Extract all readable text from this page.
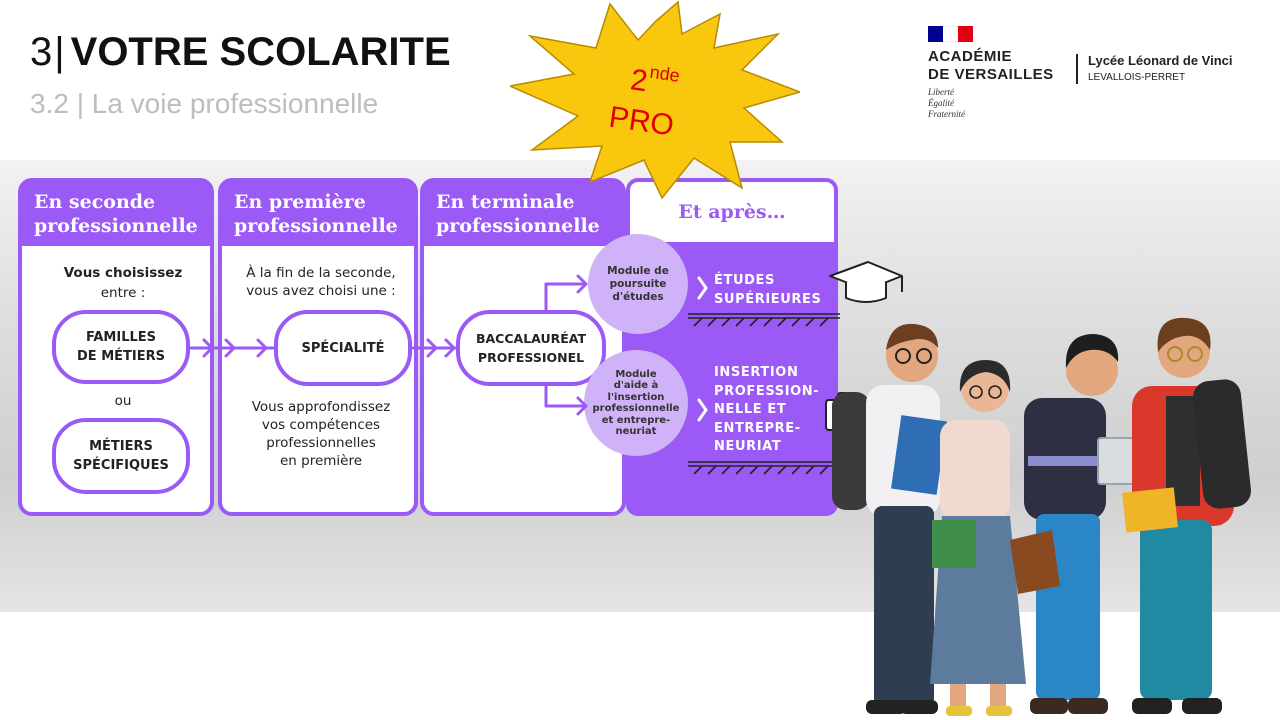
3| VOTRE SCOLARITE
3.2 | La voie professionnelle
ACADÉMIE
DE VERSAILLES
Liberté
Égalité
Fraternité
Lycée Léonard de Vinci
LEVALLOIS-PERRET
En seconde
professionnelle
Vous choisissez
entre :
FAMILLES
DE MÉTIERS
ou
MÉTIERS
SPÉCIFIQUES
En première
professionnelle
À la fin de la seconde,
vous avez choisi une :
SPÉCIALITÉ
Vous approfondissez
vos compétences
professionnelles
en première
En terminale
professionnelle
BACCALAURÉAT
PROFESSIONEL
Et après…
Module de
poursuite
d'études
Module
d'aide à
l'insertion
professionnelle
et entrepre-
neuriat
ÉTUDES
SUPÉRIEURES
INSERTION
PROFESSION-
NELLE ET
ENTREPRE-
NEURIAT
2 nde
PRO
